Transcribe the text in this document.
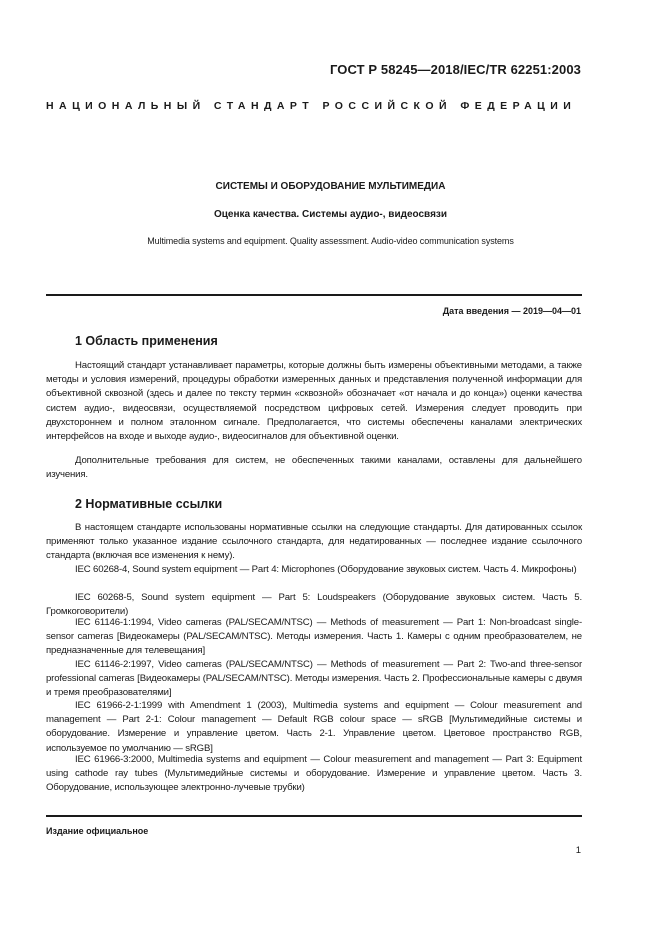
ГОСТ Р 58245—2018/IEC/TR 62251:2003
НАЦИОНАЛЬНЫЙ СТАНДАРТ РОССИЙСКОЙ ФЕДЕРАЦИИ
СИСТЕМЫ И ОБОРУДОВАНИЕ МУЛЬТИМЕДИА
Оценка качества. Системы аудио-, видеосвязи
Multimedia systems and equipment. Quality assessment. Audio-video communication systems
Дата введения — 2019—04—01
1 Область применения
Настоящий стандарт устанавливает параметры, которые должны быть измерены объективными методами, а также методы и условия измерений, процедуры обработки измеренных данных и представления полученной информации для объективной сквозной (здесь и далее по тексту термин «сквозной» обозначает «от начала и до конца») оценки качества систем аудио-, видеосвязи, осуществляемой посредством цифровых сетей. Измерения следует проводить при двухстороннем и полном эталонном сигнале. Предполагается, что системы обеспечены каналами электрических интерфейсов на входе и выходе аудио-, видеосигналов для объективной оценки.
Дополнительные требования для систем, не обеспеченных такими каналами, оставлены для дальнейшего изучения.
2 Нормативные ссылки
В настоящем стандарте использованы нормативные ссылки на следующие стандарты. Для датированных ссылок применяют только указанное издание ссылочного стандарта, для недатированных — последнее издание ссылочного стандарта (включая все изменения к нему).
IEC 60268-4, Sound system equipment — Part 4: Microphones (Оборудование звуковых систем. Часть 4. Микрофоны)
IEC 60268-5, Sound system equipment — Part 5: Loudspeakers (Оборудование звуковых систем. Часть 5. Громкоговорители)
IEC 61146-1:1994, Video cameras (PAL/SECAM/NTSC) — Methods of measurement — Part 1: Non-broadcast single-sensor cameras [Видеокамеры (PAL/SECAM/NTSC). Методы измерения. Часть 1. Камеры с одним преобразователем, не предназначенные для телевещания]
IEC 61146-2:1997, Video cameras (PAL/SECAM/NTSC) — Methods of measurement — Part 2: Two-and three-sensor professional cameras [Видеокамеры (PAL/SECAM/NTSC). Методы измерения. Часть 2. Профессиональные камеры с двумя и тремя преобразователями]
IEC 61966-2-1:1999 with Amendment 1 (2003), Multimedia systems and equipment — Colour measurement and management — Part 2-1: Colour management — Default RGB colour space — sRGB [Мультимедийные системы и оборудование. Измерение и управление цветом. Часть 2-1. Управление цветом. Цветовое пространство RGB, используемое по умолчанию — sRGB]
IEC 61966-3:2000, Multimedia systems and equipment — Colour measurement and management — Part 3: Equipment using cathode ray tubes (Мультимедийные системы и оборудование. Измерение и управление цветом. Часть 3. Оборудование, использующее электронно-лучевые трубки)
Издание официальное
1
